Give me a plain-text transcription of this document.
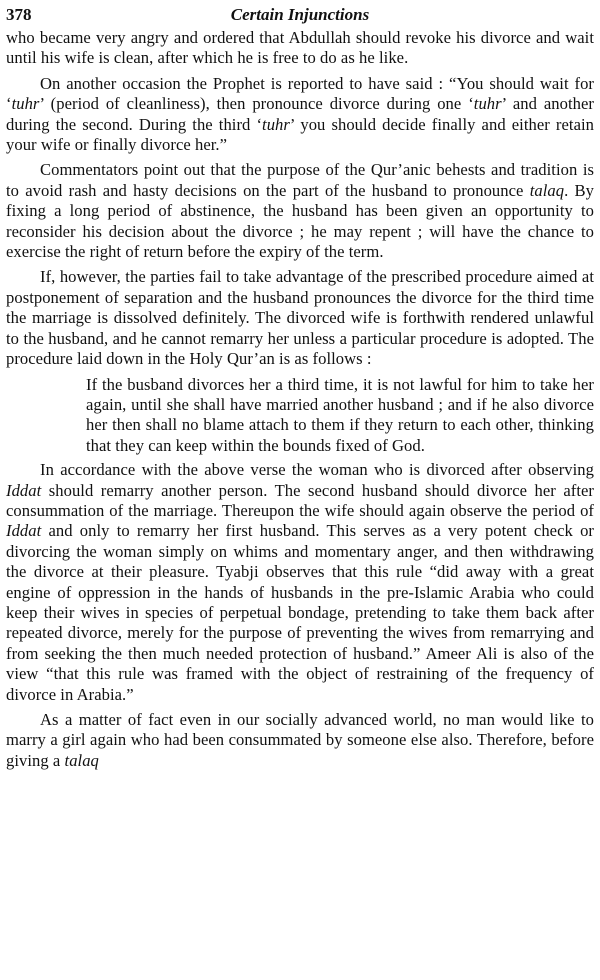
378	Certain Injunctions

who became very angry and ordered that Abdullah should revoke his divorce and wait until his wife is clean, after which he is free to do as he like.

On another occasion the Prophet is reported to have said : “You should wait for ‘tuhr’ (period of cleanliness), then pronounce divorce during one ‘tuhr’ and another during the second. During the third ‘tuhr’ you should decide finally and either retain your wife or finally divorce her.”

Commentators point out that the purpose of the Qur’anic behests and tradition is to avoid rash and hasty decisions on the part of the husband to pronounce talaq. By fixing a long period of abstinence, the husband has been given an opportunity to reconsider his decision about the divorce ; he may repent ; will have the chance to exercise the right of return before the expiry of the term.

If, however, the parties fail to take advantage of the prescribed procedure aimed at postponement of separation and the husband pronounces the divorce for the third time the marriage is dissolved definitely. The divorced wife is forthwith rendered unlawful to the husband, and he cannot remarry her unless a particular procedure is adopted. The procedure laid down in the Holy Qur’an is as follows :

If the busband divorces her a third time, it is not lawful for him to take her again, until she shall have married another husband ; and if he also divorce her then shall no blame attach to them if they return to each other, thinking that they can keep within the bounds fixed of God.

In accordance with the above verse the woman who is divorced after observing Iddat should remarry another person. The second husband should divorce her after consummation of the marriage. Thereupon the wife should again observe the period of Iddat and only to remarry her first husband. This serves as a very potent check or divorcing the woman simply on whims and momentary anger, and then withdrawing the divorce at their pleasure. Tyabji observes that this rule “did away with a great engine of oppression in the hands of husbands in the pre-Islamic Arabia who could keep their wives in species of perpetual bondage, pretending to take them back after repeated divorce, merely for the purpose of preventing the wives from remarrying and from seeking the then much needed protection of husband.” Ameer Ali is also of the view “that this rule was framed with the object of restraining of the frequency of divorce in Arabia.”

As a matter of fact even in our socially advanced world, no man would like to marry a girl again who had been consummated by someone else also. Therefore, before giving a talaq
